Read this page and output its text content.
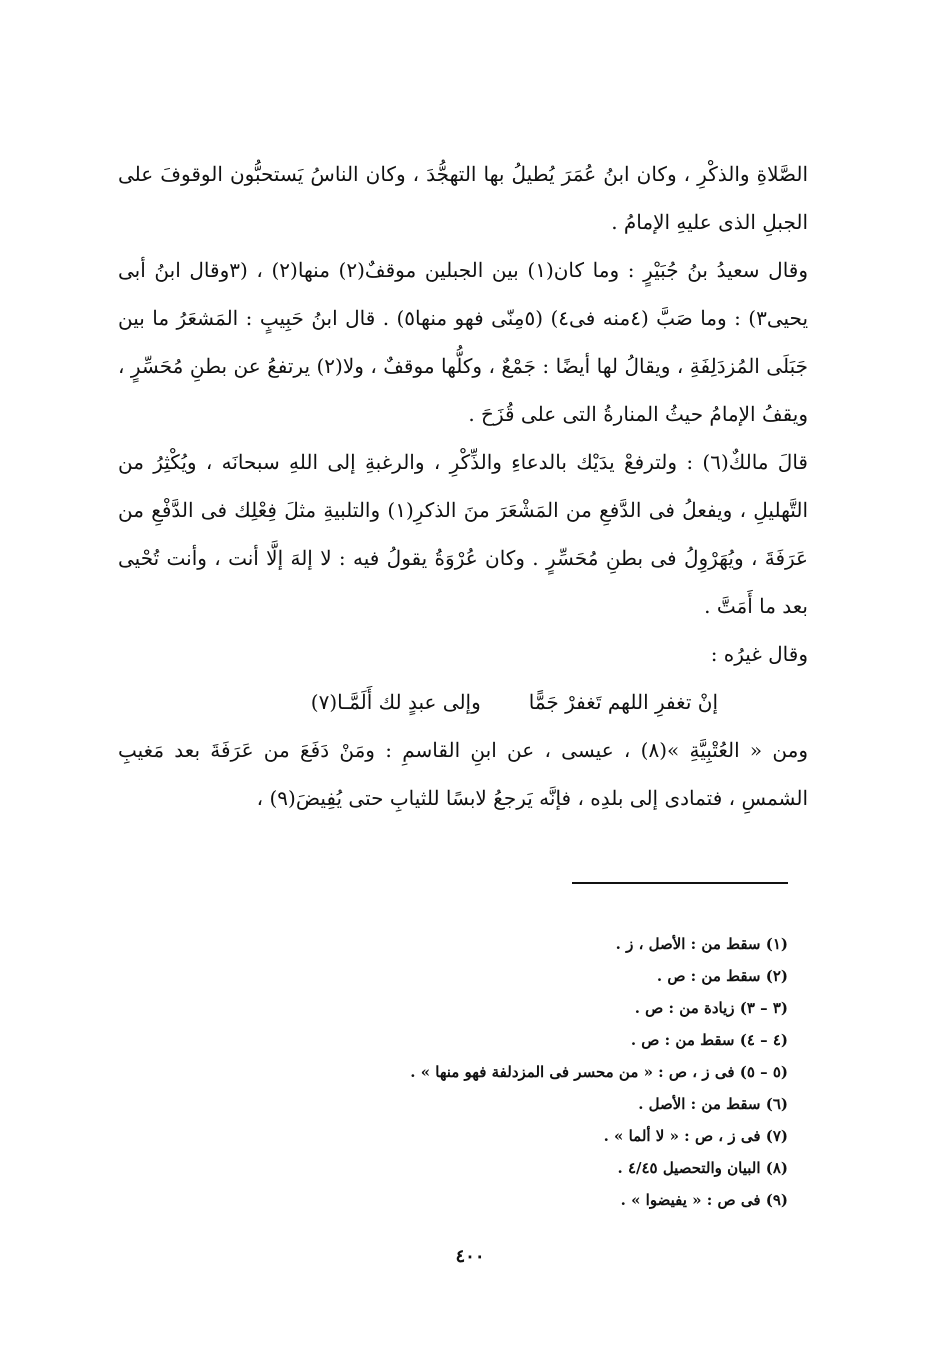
الصَّلاةِ والذكْرِ ، وكان ابنُ عُمَرَ يُطيلُ بها التهجُّدَ ، وكان الناسُ يَستحبُّون الوقوفَ على الجبلِ الذى عليهِ الإمامُ .

وقال سعيدُ بنُ جُبَيْرٍ : وما كان(١) بين الجبلين موقفٌ(٢) منها(٢) ، (٣وقال ابنُ أبى يحيى٣) : وما صَبَّ (٤منه فى٤) (٥مِنّى فهو منها٥) . قال ابنُ حَبِيبٍ : المَشعَرُ ما بين جَبَلَى المُزدَلِفَةِ ، ويقالُ لها أيضًا : جَمْعٌ ، وكلُّها موقفٌ ، ولا(٢) يرتفعُ عن بطنِ مُحَسِّرٍ ، ويقفُ الإمامُ حيثُ المنارةُ التى على قُزَحَ .

قالَ مالكٌ(٦) : ولترفعْ يدَيْك بالدعاءِ والذِّكْرِ ، والرغبةِ إلى اللهِ سبحانَه ، ويُكْثِرُ من التَّهليلِ ، ويفعلُ فى الدَّفعِ من المَشْعَرَ منَ الذكرِ(١) والتلبيةِ مثلَ فِعْلِك فى الدَّفْعِ من عَرَفَةَ ، ويُهَرْوِلُ فى بطنِ مُحَسِّرٍ . وكان عُرْوَةُ يقولُ فيه : لا إلهَ إلَّا أنت ، وأنت تُحْيى بعد ما أَمَتَّ .

وقال غيرُه :

إنْ تغفرِ اللهم تَغفرْ جَمًّا
وإلى عبدٍ لك أَلَمَّـا(٧)

ومن « العُتْبِيَّةِ »(٨) ، عيسى ، عن ابنِ القاسمِ : ومَنْ دَفَعَ من عَرَفَةَ بعد مَغيبِ الشمسِ ، فتمادى إلى بلدِه ، فإنَّه يَرجعُ لابسًا للثيابِ حتى يُفِيضَ(٩) ،

(١) سقط من : الأصل ، ز .
(٢) سقط من : ص .
(٣ – ٣) زيادة من : ص .
(٤ – ٤) سقط من : ص .
(٥ – ٥) فى ز ، ص : « من محسر فى المزدلفة فهو منها » .
(٦) سقط من : الأصل .
(٧) فى ز ، ص : « لا ألما » .
(٨) البيان والتحصيل ٤/٤٥ .
(٩) فى ص : « يفيضوا » .
٤٠٠
